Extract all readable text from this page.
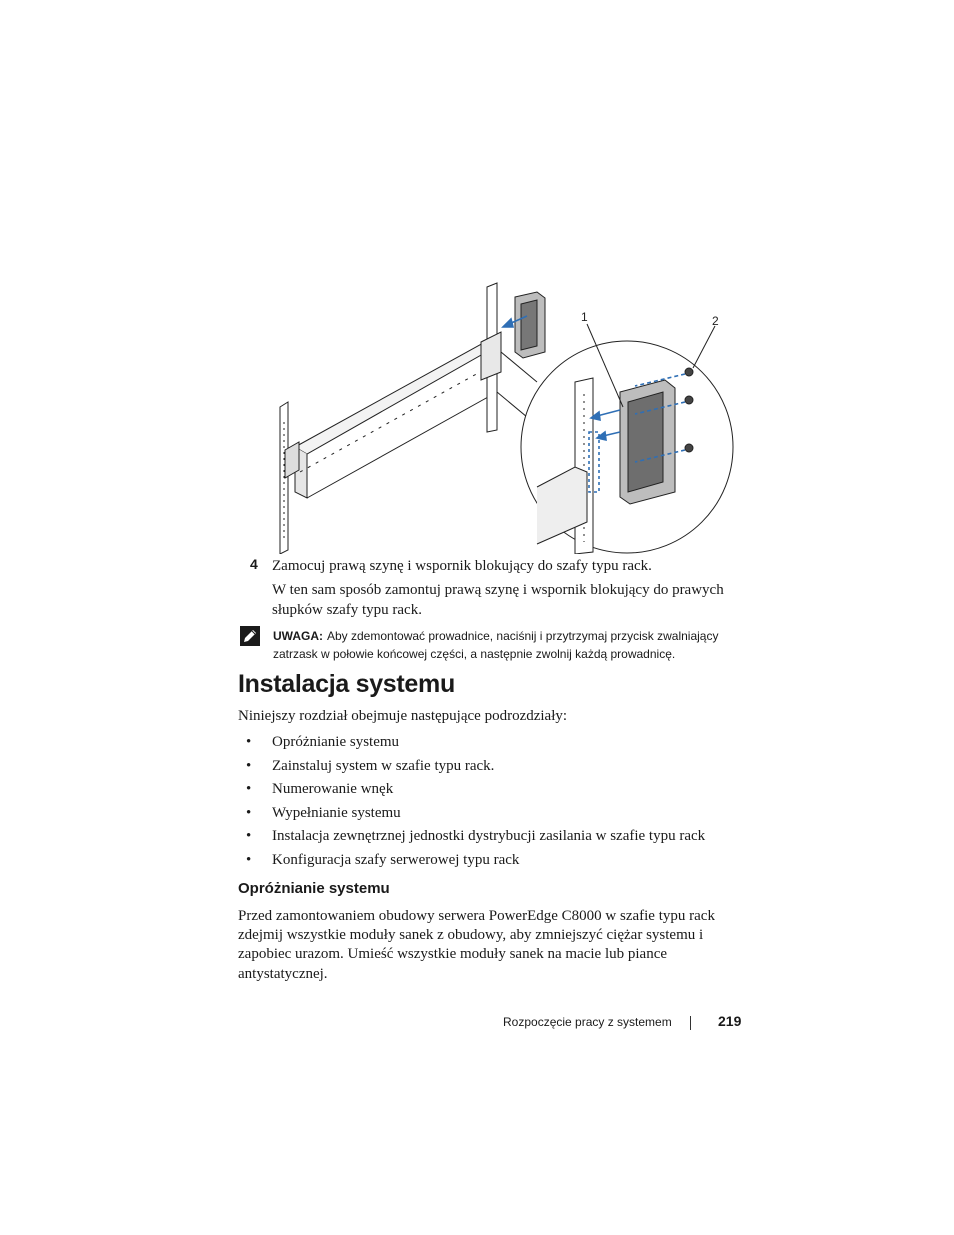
1	2
4 Zamocuj prawą szynę i wspornik blokujący do szafy typu rack.
W ten sam sposób zamontuj prawą szynę i wspornik blokujący do prawych słupków szafy typu rack.
UWAGA: Aby zdemontować prowadnice, naciśnij i przytrzymaj przycisk zwalniający zatrzask w połowie końcowej części, a następnie zwolnij każdą prowadnicę.
Instalacja systemu
Niniejszy rozdział obejmuje następujące podrozdziały:
• Opróżnianie systemu
• Zainstaluj system w szafie typu rack.
• Numerowanie wnęk
• Wypełnianie systemu
• Instalacja zewnętrznej jednostki dystrybucji zasilania w szafie typu rack
• Konfiguracja szafy serwerowej typu rack
Opróżnianie systemu

Przed zamontowaniem obudowy serwera PowerEdge C8000 w szafie typu rack zdejmij wszystkie moduły sanek z obudowy, aby zmniejszyć ciężar systemu i zapobiec urazom. Umieść wszystkie moduły sanek na macie lub piance antystatycznej.

Rozpoczęcie pracy z systemem	219
